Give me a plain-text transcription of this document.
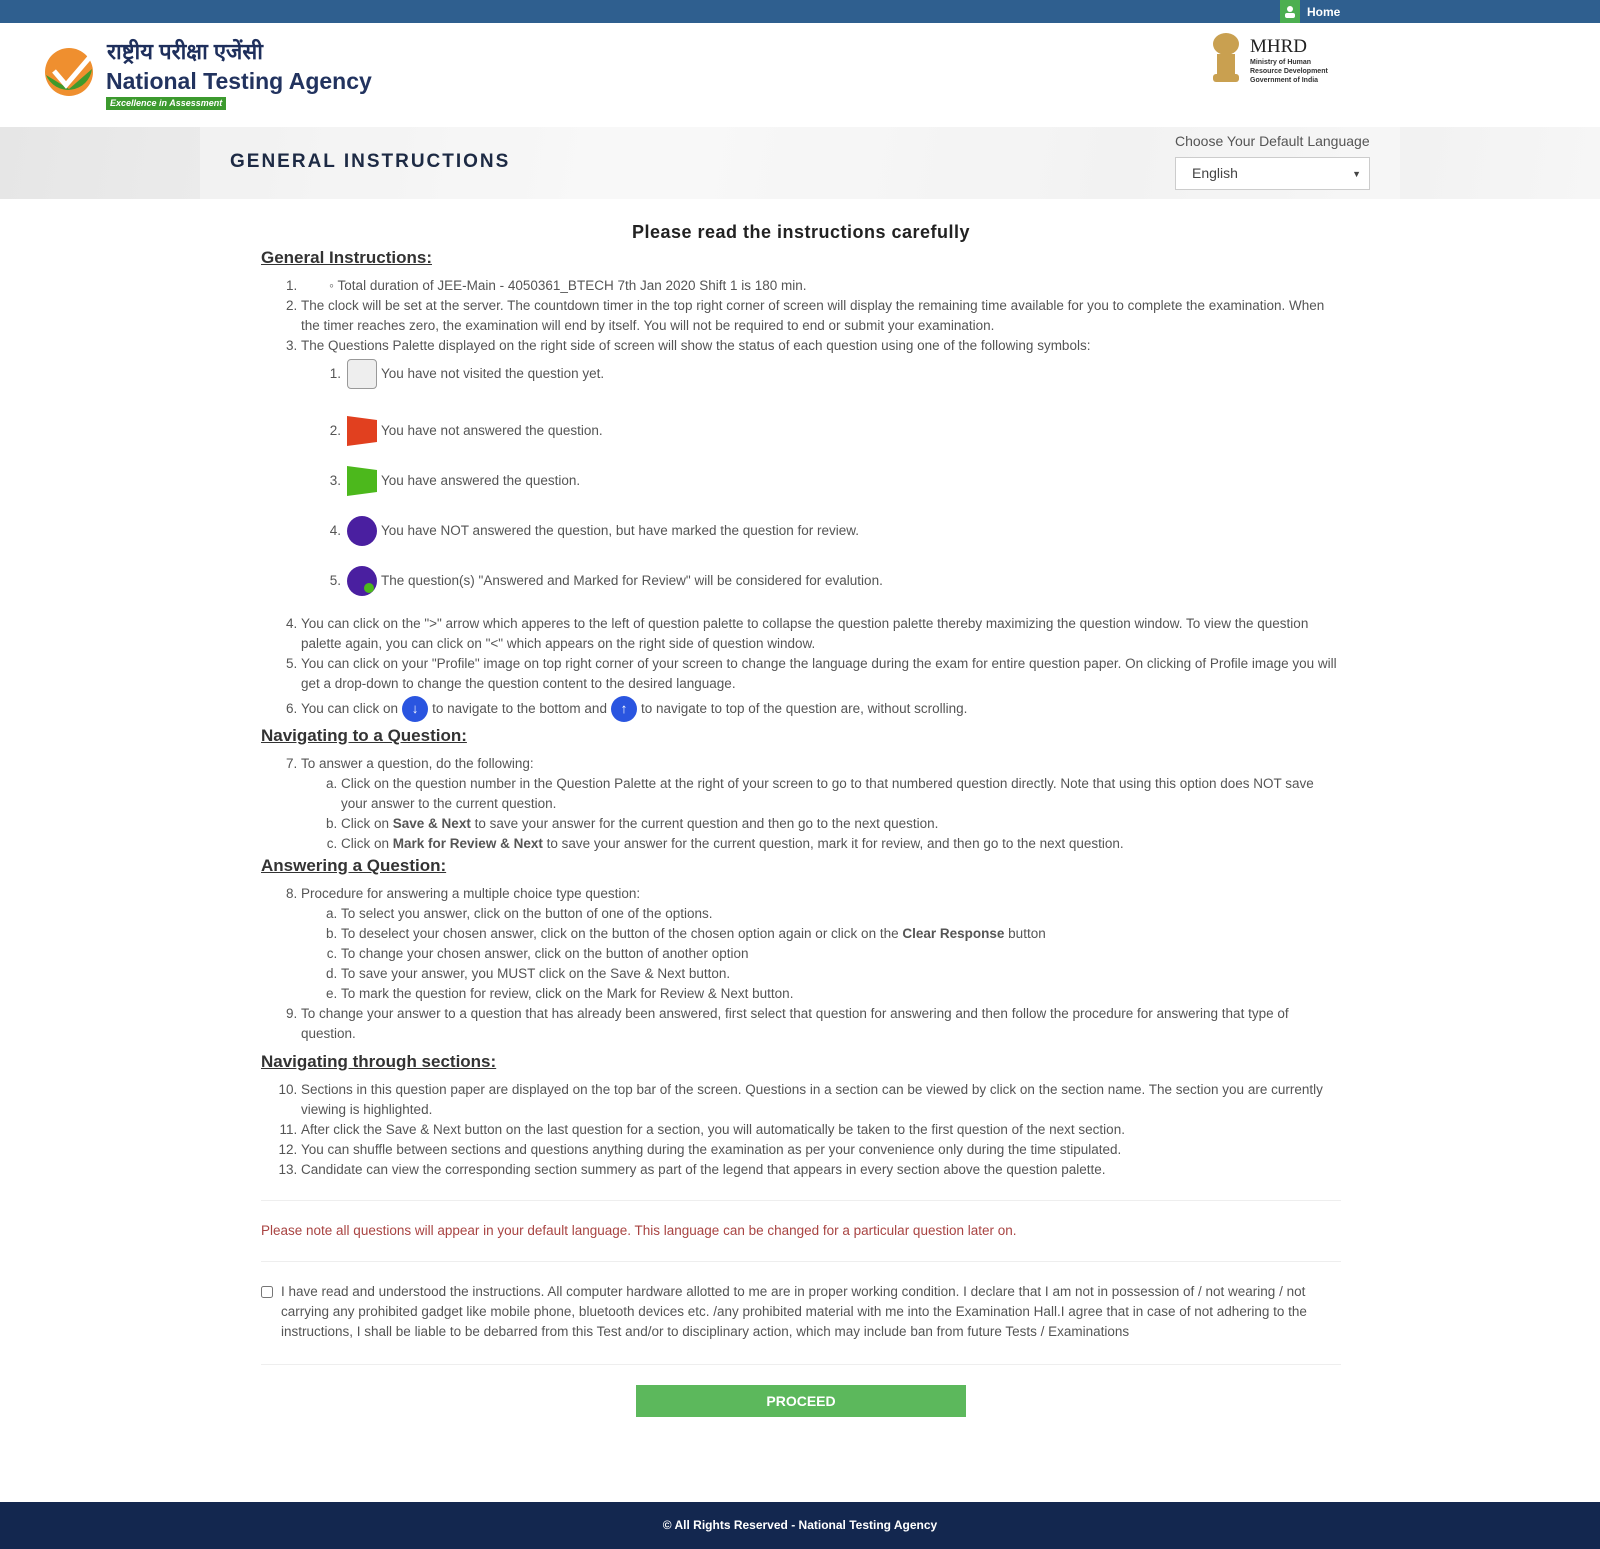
Home
राष्ट्रीय परीक्षा एजेंसी
National Testing Agency
Excellence in Assessment
MHRD
Ministry of Human
Resource Development
Government of India
GENERAL INSTRUCTIONS
Choose Your Default Language
English	▼
Please read the instructions carefully
General Instructions:
1. ◦ Total duration of JEE-Main - 4050361_BTECH 7th Jan 2020 Shift 1 is 180 min.
2. The clock will be set at the server. The countdown timer in the top right corner of screen will display the remaining time available for you to complete the examination. When the timer reaches zero, the examination will end by itself. You will not be required to end or submit your examination.
3. The Questions Palette displayed on the right side of screen will show the status of each question using one of the following symbols:
1.	You have not visited the question yet.
2.	You have not answered the question.
3.	You have answered the question.
4.	You have NOT answered the question, but have marked the question for review.
5.	The question(s) "Answered and Marked for Review" will be considered for evalution.
4. You can click on the ">" arrow which apperes to the left of question palette to collapse the question palette thereby maximizing the question window. To view the question palette again, you can click on "<" which appears on the right side of question window.
5. You can click on your "Profile" image on top right corner of your screen to change the language during the exam for entire question paper. On clicking of Profile image you will get a drop-down to change the question content to the desired language.
6. You can click on ↓ to navigate to the bottom and ↑ to navigate to top of the question are, without scrolling.
Navigating to a Question:
7. To answer a question, do the following:
a. Click on the question number in the Question Palette at the right of your screen to go to that numbered question directly. Note that using this option does NOT save your answer to the current question.
b. Click on Save & Next to save your answer for the current question and then go to the next question.
c. Click on Mark for Review & Next to save your answer for the current question, mark it for review, and then go to the next question.
Answering a Question:
8. Procedure for answering a multiple choice type question:
a. To select you answer, click on the button of one of the options.
b. To deselect your chosen answer, click on the button of the chosen option again or click on the Clear Response button
c. To change your chosen answer, click on the button of another option
d. To save your answer, you MUST click on the Save & Next button.
e. To mark the question for review, click on the Mark for Review & Next button.
9. To change your answer to a question that has already been answered, first select that question for answering and then follow the procedure for answering that type of question.
Navigating through sections:
10. Sections in this question paper are displayed on the top bar of the screen. Questions in a section can be viewed by click on the section name. The section you are currently viewing is highlighted.
11. After click the Save & Next button on the last question for a section, you will automatically be taken to the first question of the next section.
12. You can shuffle between sections and questions anything during the examination as per your convenience only during the time stipulated.
13. Candidate can view the corresponding section summery as part of the legend that appears in every section above the question palette.
Please note all questions will appear in your default language. This language can be changed for a particular question later on.
I have read and understood the instructions. All computer hardware allotted to me are in proper working condition. I declare that I am not in possession of / not wearing / not carrying any prohibited gadget like mobile phone, bluetooth devices etc. /any prohibited material with me into the Examination Hall.I agree that in case of not adhering to the instructions, I shall be liable to be debarred from this Test and/or to disciplinary action, which may include ban from future Tests / Examinations
PROCEED
© All Rights Reserved - National Testing Agency
